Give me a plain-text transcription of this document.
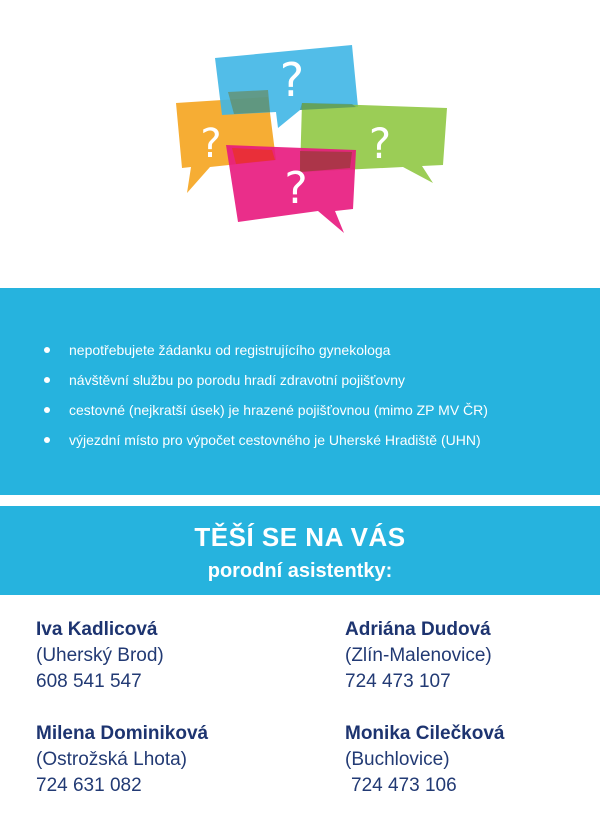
?
?	?
?
nepotřebujete žádanku od registrujícího gynekologa
návštěvní službu po porodu hradí zdravotní pojišťovny
cestovné (nejkratší úsek) je hrazené pojišťovnou (mimo ZP MV ČR)
výjezdní místo pro výpočet cestovného je Uherské Hradiště (UHN)
TĚŠÍ SE NA VÁS
porodní asistentky:
Iva Kadlicová
(Uherský Brod)
608 541 547
Adriána Dudová
(Zlín-Malenovice)
724 473 107
Milena Dominiková
(Ostrožská Lhota)
724 631 082
Monika Cilečková
(Buchlovice)
724 473 106
